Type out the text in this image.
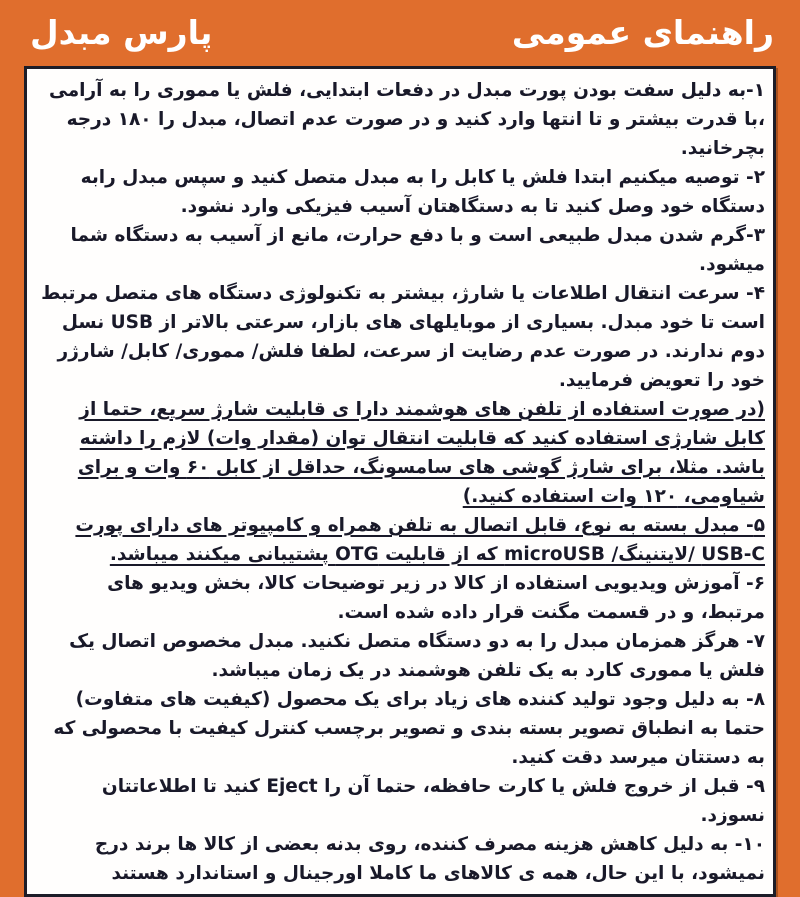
پارس مبدل	راهنمای عمومی

۱-به دلیل سفت بودن پورت مبدل در دفعات ابتدایی، فلش یا مموری را به آرامی ،با قدرت بیشتر و تا انتها وارد کنید و در صورت عدم اتصال، مبدل را ۱۸۰ درجه بچرخانید.

۲- توصیه میکنیم ابتدا فلش یا کابل را به مبدل متصل کنید و سپس مبدل رابه دستگاه خود وصل کنید تا به دستگاهتان آسیب فیزیکی وارد نشود.

۳-گرم شدن مبدل طبیعی است و با دفع حرارت، مانع از آسیب به دستگاه شما میشود.

۴- سرعت انتقال اطلاعات یا شارژ، بیشتر به تکنولوژی دستگاه های متصل مرتبط است تا خود مبدل. بسیاری از موبایلهای های بازار، سرعتی بالاتر از USB نسل دوم ندارند. در صورت عدم رضایت از سرعت، لطفا فلش/ مموری/ کابل/ شارژر خود را تعویض فرمایید.

(در صورت استفاده از تلفن های هوشمند دارا ی قابلیت شارژ سریع، حتما از کابل شارژی استفاده کنید که قابلیت انتقال توان (مقدار وات) لازم را داشته باشد. مثلا، برای شارژ گوشی های سامسونگ، حداقل از کابل ۶۰ وات و برای شیاومی، ۱۲۰ وات استفاده کنید.)

۵- مبدل بسته به نوع، قابل اتصال به تلفن همراه و کامپیوتر های دارای پورت USB-C /لایتنینگ/ microUSB که از قابلیت OTG پشتیبانی میکنند میباشد.

۶- آموزش ویدیویی استفاده از کالا در زیر توضیحات کالا، بخش ویدیو های مرتبط، و در قسمت مگنت قرار داده شده است.

۷- هرگز همزمان مبدل را به دو دستگاه متصل نکنید. مبدل مخصوص اتصال یک فلش یا مموری کارد به یک تلفن هوشمند در یک زمان میباشد.

۸- به دلیل وجود تولید کننده های زیاد برای یک محصول (کیفیت های متفاوت) حتما به انطباق تصویر بسته بندی و تصویر برچسب کنترل کیفیت با محصولی که به دستتان میرسد دقت کنید.

۹- قبل از خروج فلش یا کارت حافظه، حتما آن را Eject کنید تا اطلاعاتتان نسوزد.

۱۰- به دلیل کاهش هزینه مصرف کننده، روی بدنه بعضی از کالا ها برند درج نمیشود، با این حال، همه ی کالاهای ما کاملا اورجینال و استاندارد هستند
